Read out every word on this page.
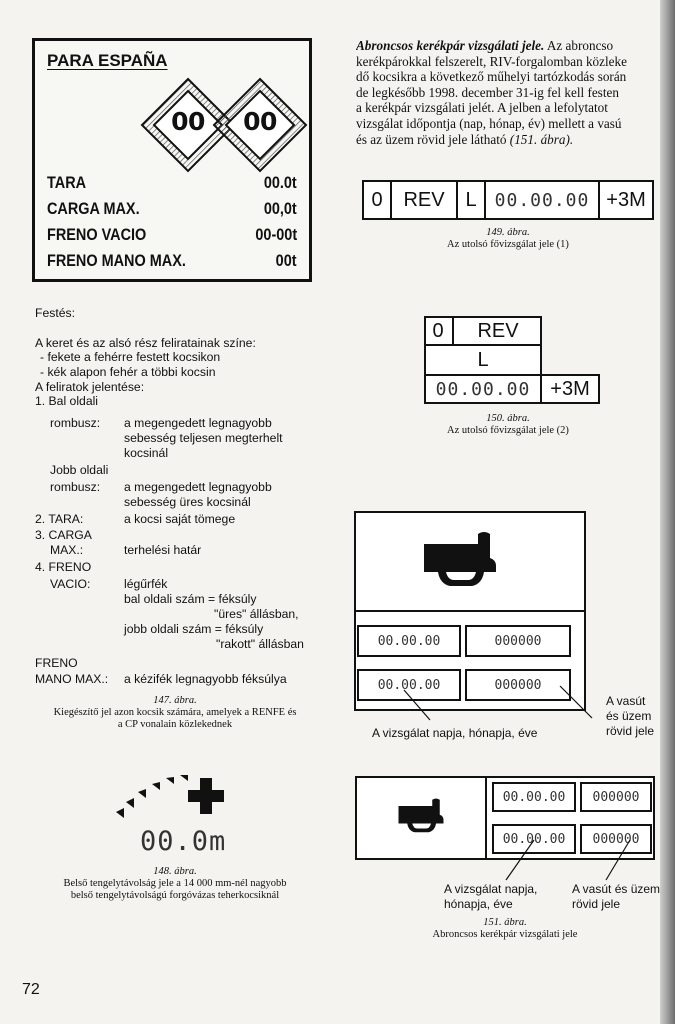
PARA ESPAÑA
00 00
TARA	00.0t
CARGA MAX.	00,0t
FRENO VACIO	00-00t
FRENO MANO MAX.	00t
Festés:
A keret és az alsó rész feliratainak színe:
- fekete a fehérre festett kocsikon
- kék alapon fehér a többi kocsin
A feliratok jelentése:
1. Bal oldali
rombusz: a megengedett legnagyobb
sebesség teljesen megterhelt
kocsinál
Jobb oldali
rombusz: a megengedett legnagyobb
sebesség üres kocsinál
2. TARA:	a kocsi saját tömege
3. CARGA
MAX.:	terhelési határ
4. FRENO
VACIO:	légűrfék
bal oldali szám = féksúly
"üres" állásban,
jobb oldali szám = féksúly
"rakott" állásban
FRENO
MANO MAX.: a kézifék legnagyobb féksúlya
147. ábra.
Kiegészítő jel azon kocsik számára, amelyek a RENFE és
a CP vonalain közlekednek
00.0m
148. ábra.
Belső tengelytávolság jele a 14 000 mm-nél nagyobb
belső tengelytávolságú forgóvázas teherkocsiknál
Abroncsos kerékpár vizsgálati jele. Az abroncso
kerékpárokkal felszerelt, RIV-forgalomban közleke
dő kocsikra a következő műhelyi tartózkodás során
de legkésőbb 1998. december 31-ig fel kell festen
a kerékpár vizsgálati jelét. A jelben a lefolytatot
vizsgálat időpontja (nap, hónap, év) mellett a vasú
és az üzem rövid jele látható (151. ábra).
0	REV	L	00.00.00 +3M
149. ábra.
Az utolsó fővizsgálat jele (1)
0	REV
L
00.00.00 +3M
150. ábra.
Az utolsó fővizsgálat jele (2)
00.00.00	000000
00.00.00	000000
A vizsgálat napja, hónapja, éve
A vasút
és üzem
rövid jele
00.00.00	000000
00.00.00	000000
A vizsgálat napja,
hónapja, éve
A vasút és üzem
rövid jele
151. ábra.
Abroncsos kerékpár vizsgálati jele
72
